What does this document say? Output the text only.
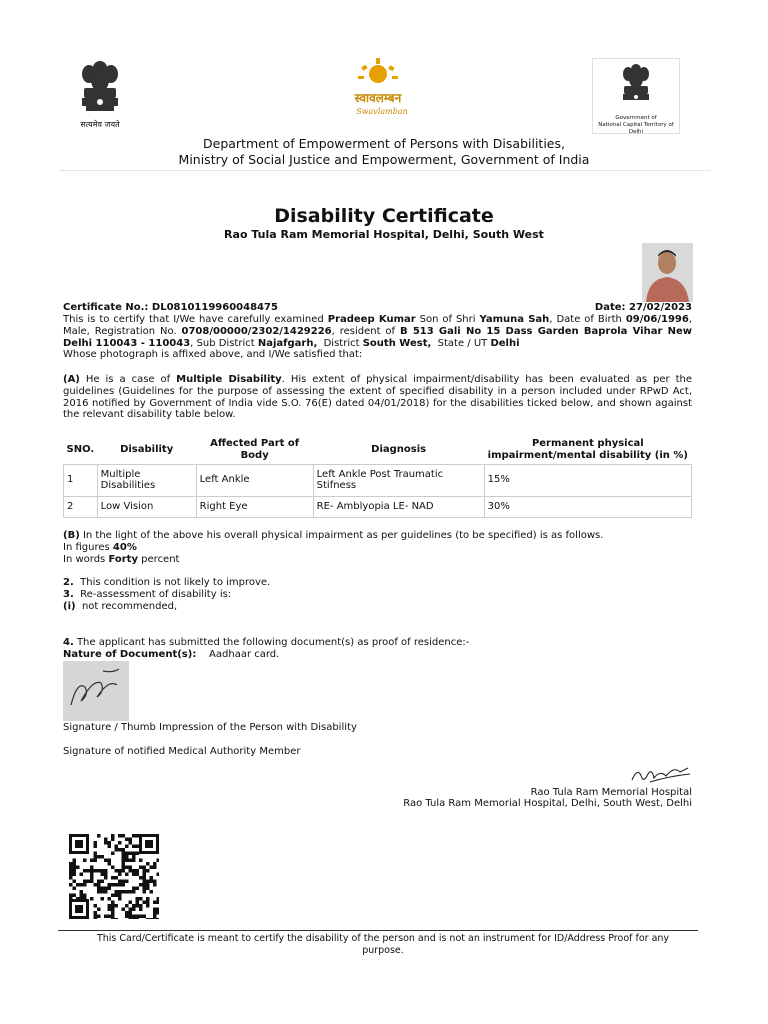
सत्यमेव जयते
स्वावलम्बन
Swavlamban
Government of
National Capital Territory of Delhi
Department of Empowerment of Persons with Disabilities,
Ministry of Social Justice and Empowerment, Government of India
Disability Certificate
Rao Tula Ram Memorial Hospital, Delhi, South West
Certificate No.: DL0810119960048475	Date: 27/02/2023
This is to certify that I/We have carefully examined Pradeep Kumar Son of Shri Yamuna Sah, Date of Birth 09/06/1996, Male, Registration No. 0708/00000/2302/1429226, resident of B 513 Gali No 15 Dass Garden Baprola Vihar New Delhi 110043 - 110043, Sub District Najafgarh, District South West, State / UT Delhi
Whose photograph is affixed above, and I/We satisfied that:
(A) He is a case of Multiple Disability. His extent of physical impairment/disability has been evaluated as per the guidelines (Guidelines for the purpose of assessing the extent of specified disability in a person included under RPwD Act, 2016 notified by Government of India vide S.O. 76(E) dated 04/01/2018) for the disabilities ticked below, and shown against the relevant disability table below.
SNO.	Disability	Affected Part of Body	Diagnosis	Permanent physical impairment/mental disability (in %)
1	Multiple Disabilities	Left Ankle	Left Ankle Post Traumatic Stifness	15%
2	Low Vision	Right Eye	RE- Amblyopia LE- NAD	30%
(B) In the light of the above his overall physical impairment as per guidelines (to be specified) is as follows.
In figures 40%
In words Forty percent
2. This condition is not likely to improve.
3. Re-assessment of disability is:
(i) not recommended,
4. The applicant has submitted the following document(s) as proof of residence:-
Nature of Document(s): Aadhaar card.
Signature / Thumb Impression of the Person with Disability
Signature of notified Medical Authority Member
Rao Tula Ram Memorial Hospital
Rao Tula Ram Memorial Hospital, Delhi, South West, Delhi
This Card/Certificate is meant to certify the disability of the person and is not an instrument for ID/Address Proof for any purpose.
